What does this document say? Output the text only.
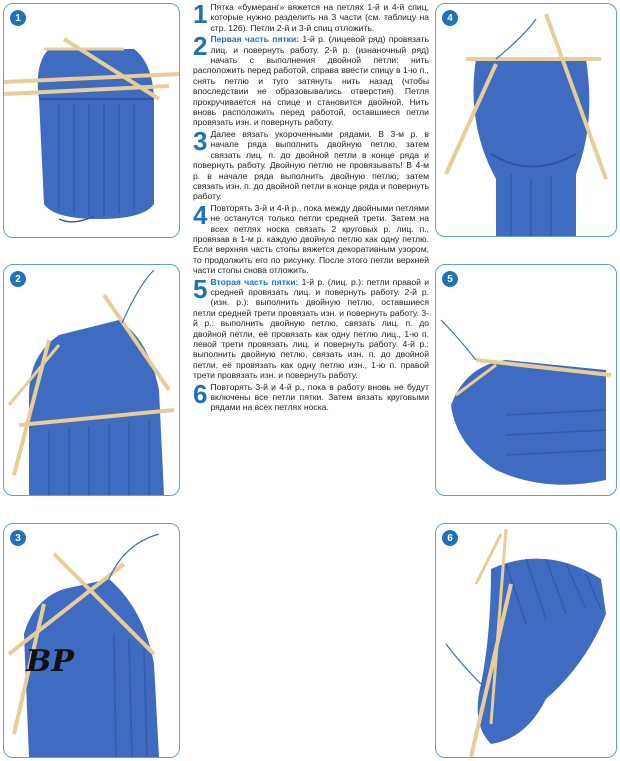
1
2
3
BP
1 Пятка «бумеранг» вяжется на петлях 1-й и 4-й спиц, которые нужно разделить на 3 части (см. таблицу на стр. 126). Петли 2-й и 3-й спиц отложить.

2 Первая часть пятки: 1-й р. (лицевой ряд) провязать лиц. и повернуть работу. 2-й р. (изнаночный ряд) начать с выполнения двойной петли: нить расположить перед работой, справа ввести спицу в 1-ю п., снять петлю и туго затянуть нить назад (чтобы впоследствии не образовывались отверстия). Петля прокручивается на спице и становится двойной. Нить вновь расположить перед работой, оставшиеся петли провязать изн. и повернуть работу.

3 Далее вязать укороченными рядами. В 3-м р. в начале ряда выполнить двойную петлю, затем связать лиц. п. до двойной петли в конце ряда и повернуть работу. Двойную петлю не провязывать! В 4-м р. в начале ряда выполнить двойную петлю, затем связать изн. п. до двойной петли в конце ряда и повернуть работу.

4 Повторять 3-й и 4-й р., пока между двойными петлями не останутся только петли средней трети. Затем на всех петлях носка связать 2 круговых р. лиц. п., провязав в 1-м р. каждую двойную петлю как одну петлю. Если верхняя часть стопы вяжется декоративным узором, то продолжить его по рисунку. После этого петли верхней части стопы снова отложить.

5 Вторая часть пятки: 1-й р. (лиц. р.): петли правой и средней провязать лиц. и повернуть работу. 2-й р. (изн. р.): выполнить двойную петлю, оставшиеся петли средней трети провязать изн. и повернуть работу. 3-й р.: выполнить двойную петлю, связать лиц. п. до двойной петли, её провязать как одну петлю лиц., 1-ю п. левой трети провязать лиц. и повернуть работу. 4-й р.: выполнить двойную петлю, связать изн. п. до двойной петли, её провязать как одну петлю изн., 1-ю п. правой трети провязать изн. и повернуть работу.

6 Повторять 3-й и 4-й р., пока в работу вновь не будут включены все петли пятки. Затем вязать круговыми рядами на всех петлях носка.

4
5
6
